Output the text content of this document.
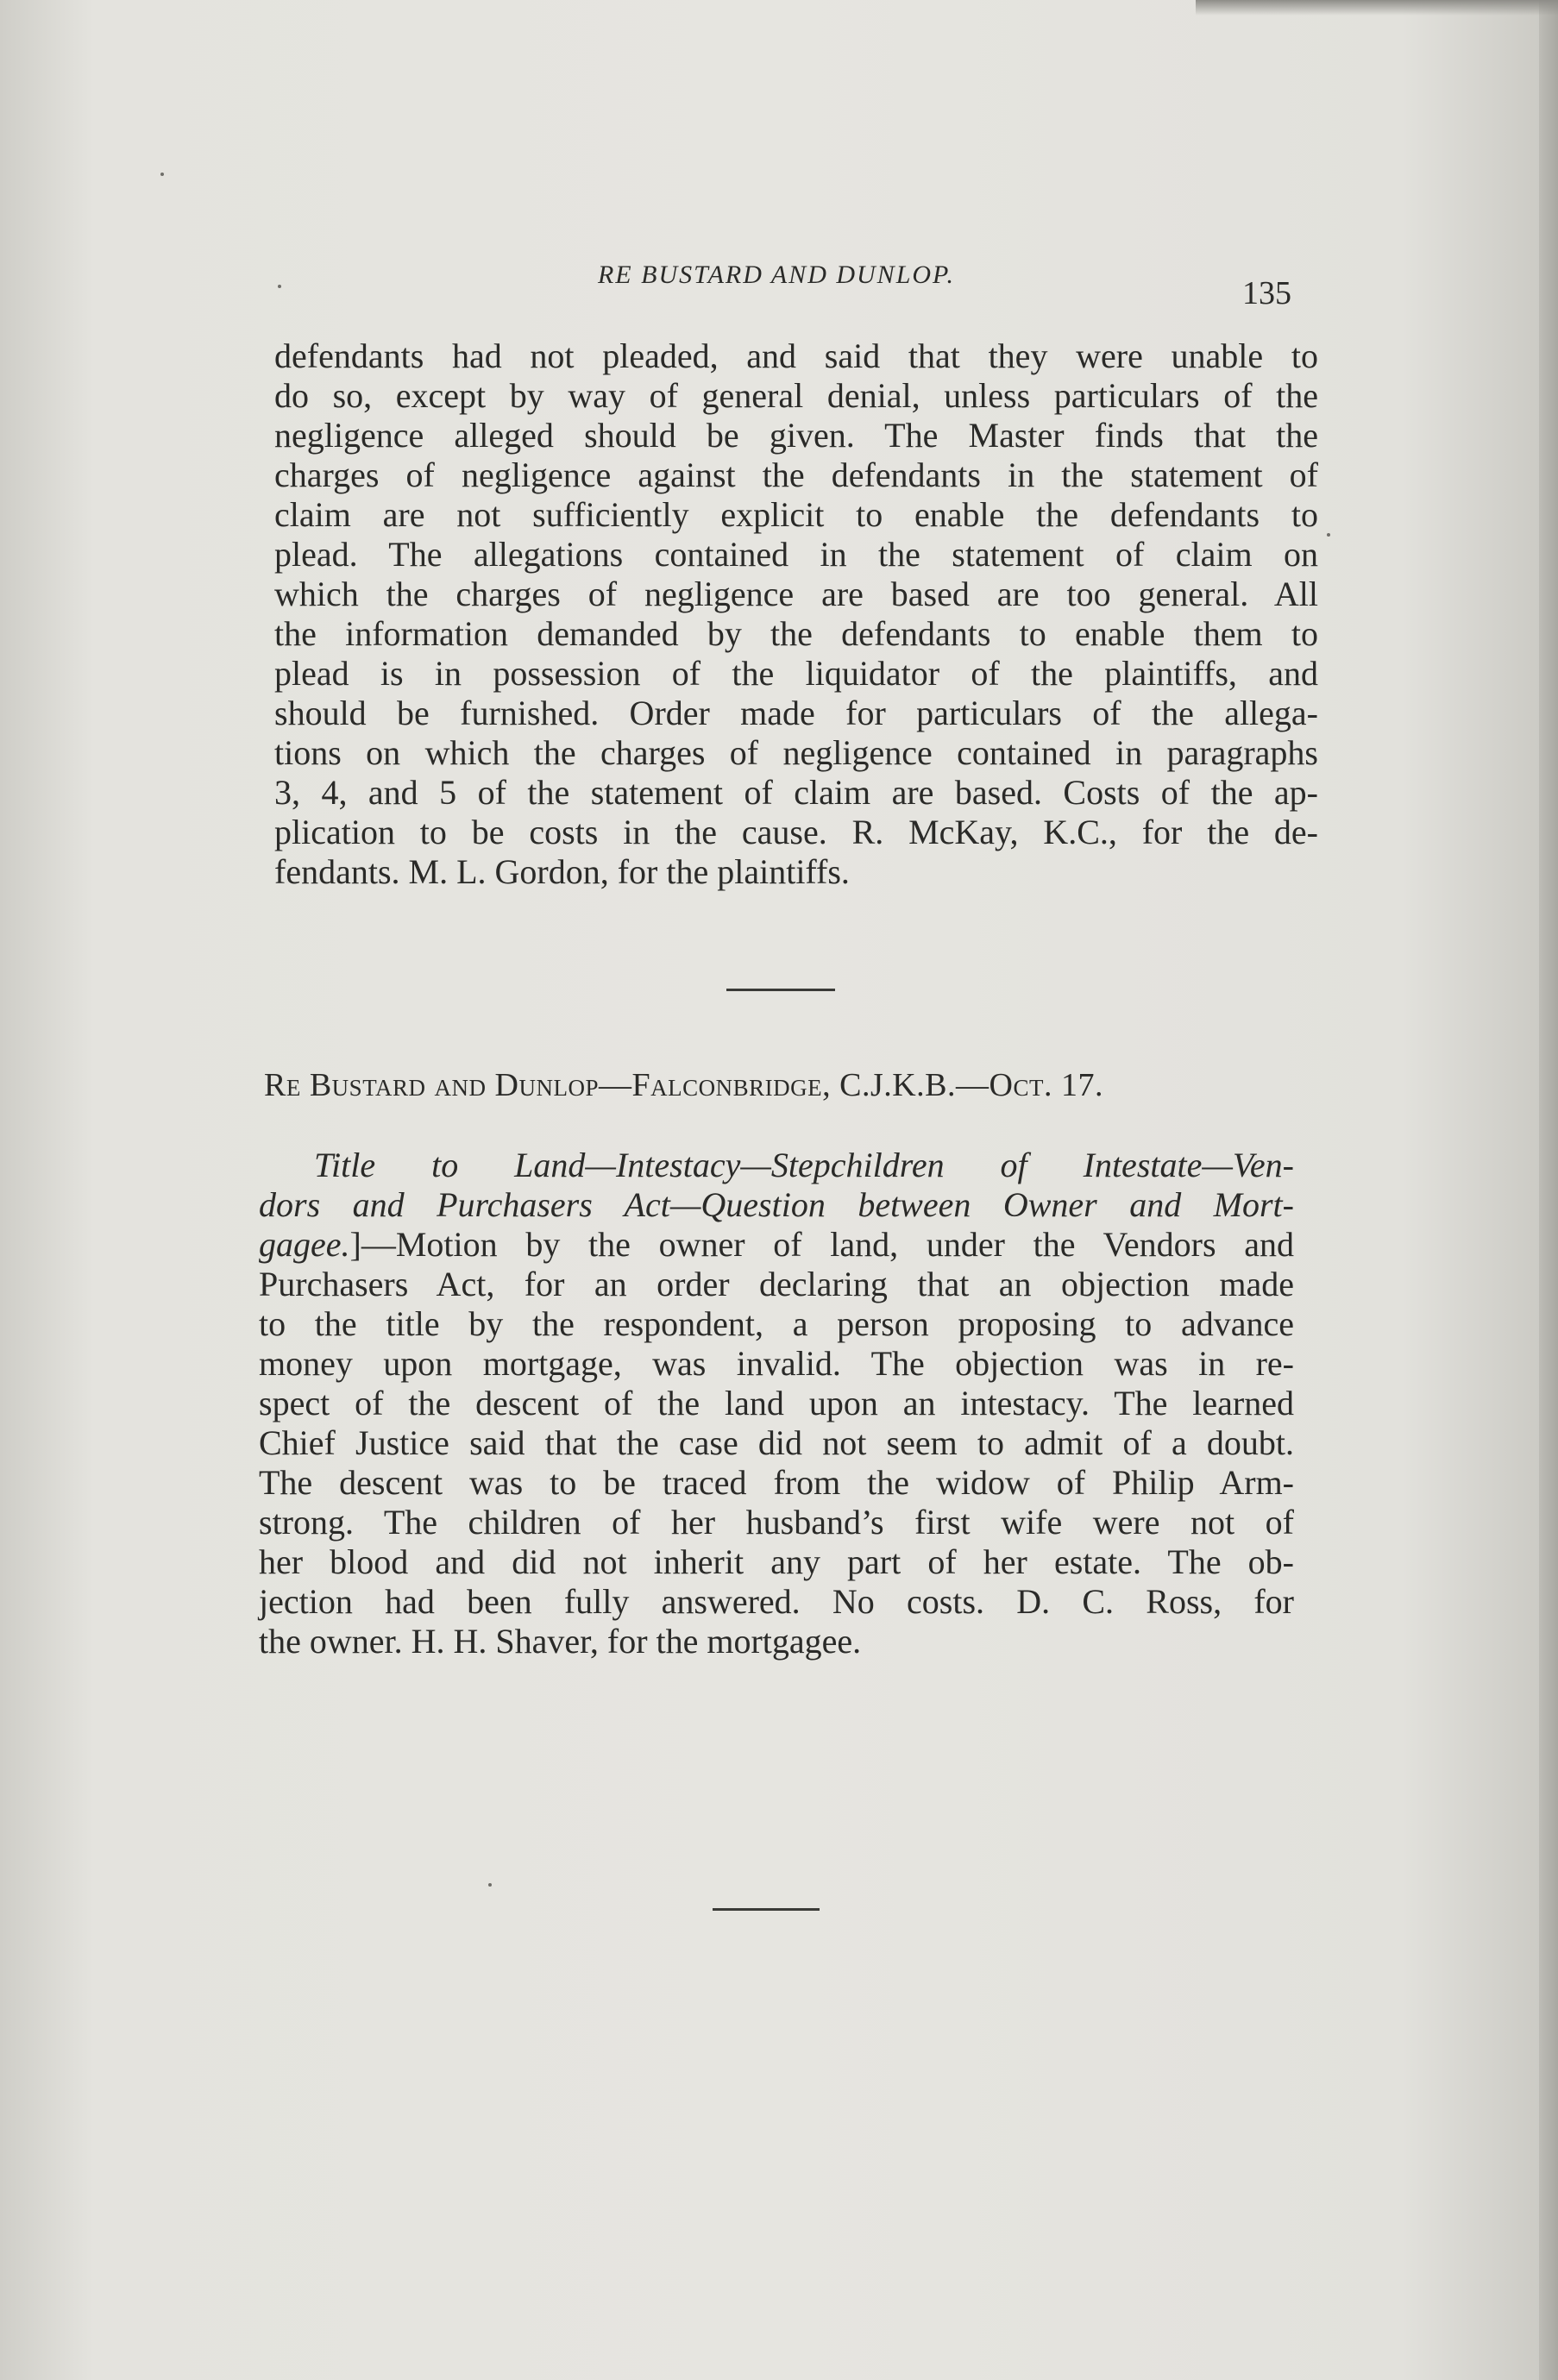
RE BUSTARD AND DUNLOP.
135
defendants had not pleaded, and said that they were unable to
do so, except by way of general denial, unless particulars of the
negligence alleged should be given. The Master finds that the
charges of negligence against the defendants in the statement of
claim are not sufficiently explicit to enable the defendants to
plead. The allegations contained in the statement of claim on
which the charges of negligence are based are too general. All
the information demanded by the defendants to enable them to
plead is in possession of the liquidator of the plaintiffs, and
should be furnished. Order made for particulars of the allega-
tions on which the charges of negligence contained in paragraphs
3, 4, and 5 of the statement of claim are based. Costs of the ap-
plication to be costs in the cause. R. McKay, K.C., for the de-
fendants. M. L. Gordon, for the plaintiffs.
Re Bustard and Dunlop—Falconbridge, C.J.K.B.—Oct. 17.
Title to Land—Intestacy—Stepchildren of Intestate—Ven-
dors and Purchasers Act—Question between Owner and Mort-
gagee.]—Motion by the owner of land, under the Vendors and
Purchasers Act, for an order declaring that an objection made
to the title by the respondent, a person proposing to advance
money upon mortgage, was invalid. The objection was in re-
spect of the descent of the land upon an intestacy. The learned
Chief Justice said that the case did not seem to admit of a doubt.
The descent was to be traced from the widow of Philip Arm-
strong. The children of her husband’s first wife were not of
her blood and did not inherit any part of her estate. The ob-
jection had been fully answered. No costs. D. C. Ross, for
the owner. H. H. Shaver, for the mortgagee.
